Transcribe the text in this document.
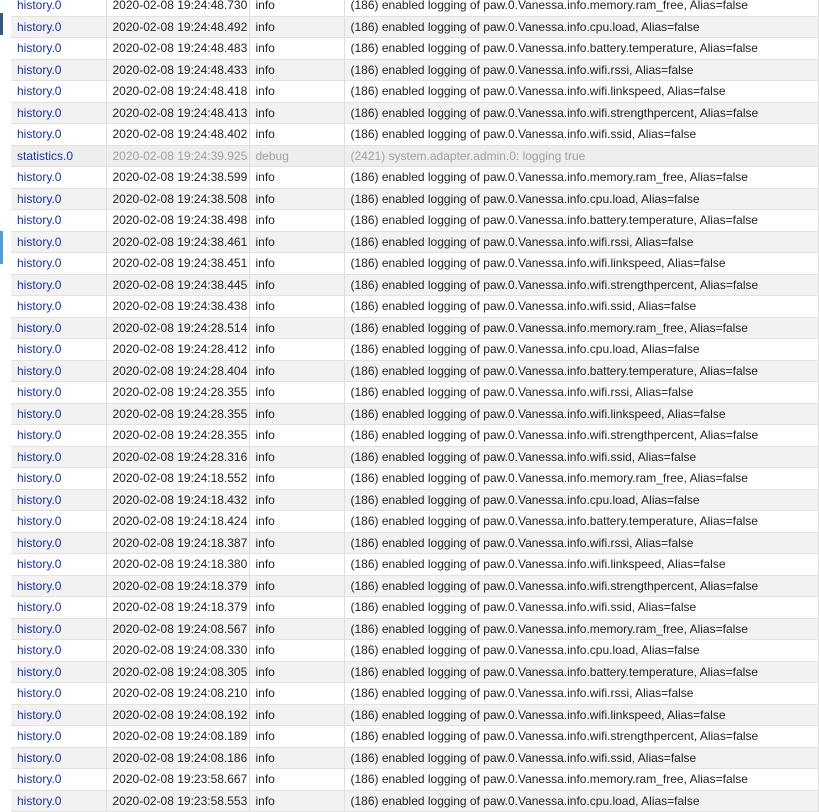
history.0	2020-02-08 19:24:48.730	info	(186) enabled logging of paw.0.Vanessa.info.memory.ram_free, Alias=false
history.0	2020-02-08 19:24:48.492	info	(186) enabled logging of paw.0.Vanessa.info.cpu.load, Alias=false
history.0	2020-02-08 19:24:48.483	info	(186) enabled logging of paw.0.Vanessa.info.battery.temperature, Alias=false
history.0	2020-02-08 19:24:48.433	info	(186) enabled logging of paw.0.Vanessa.info.wifi.rssi, Alias=false
history.0	2020-02-08 19:24:48.418	info	(186) enabled logging of paw.0.Vanessa.info.wifi.linkspeed, Alias=false
history.0	2020-02-08 19:24:48.413	info	(186) enabled logging of paw.0.Vanessa.info.wifi.strengthpercent, Alias=false
history.0	2020-02-08 19:24:48.402	info	(186) enabled logging of paw.0.Vanessa.info.wifi.ssid, Alias=false
statistics.0	2020-02-08 19:24:39.925	debug	(2421) system.adapter.admin.0: logging true
history.0	2020-02-08 19:24:38.599	info	(186) enabled logging of paw.0.Vanessa.info.memory.ram_free, Alias=false
history.0	2020-02-08 19:24:38.508	info	(186) enabled logging of paw.0.Vanessa.info.cpu.load, Alias=false
history.0	2020-02-08 19:24:38.498	info	(186) enabled logging of paw.0.Vanessa.info.battery.temperature, Alias=false
history.0	2020-02-08 19:24:38.461	info	(186) enabled logging of paw.0.Vanessa.info.wifi.rssi, Alias=false
history.0	2020-02-08 19:24:38.451	info	(186) enabled logging of paw.0.Vanessa.info.wifi.linkspeed, Alias=false
history.0	2020-02-08 19:24:38.445	info	(186) enabled logging of paw.0.Vanessa.info.wifi.strengthpercent, Alias=false
history.0	2020-02-08 19:24:38.438	info	(186) enabled logging of paw.0.Vanessa.info.wifi.ssid, Alias=false
history.0	2020-02-08 19:24:28.514	info	(186) enabled logging of paw.0.Vanessa.info.memory.ram_free, Alias=false
history.0	2020-02-08 19:24:28.412	info	(186) enabled logging of paw.0.Vanessa.info.cpu.load, Alias=false
history.0	2020-02-08 19:24:28.404	info	(186) enabled logging of paw.0.Vanessa.info.battery.temperature, Alias=false
history.0	2020-02-08 19:24:28.355	info	(186) enabled logging of paw.0.Vanessa.info.wifi.rssi, Alias=false
history.0	2020-02-08 19:24:28.355	info	(186) enabled logging of paw.0.Vanessa.info.wifi.linkspeed, Alias=false
history.0	2020-02-08 19:24:28.355	info	(186) enabled logging of paw.0.Vanessa.info.wifi.strengthpercent, Alias=false
history.0	2020-02-08 19:24:28.316	info	(186) enabled logging of paw.0.Vanessa.info.wifi.ssid, Alias=false
history.0	2020-02-08 19:24:18.552	info	(186) enabled logging of paw.0.Vanessa.info.memory.ram_free, Alias=false
history.0	2020-02-08 19:24:18.432	info	(186) enabled logging of paw.0.Vanessa.info.cpu.load, Alias=false
history.0	2020-02-08 19:24:18.424	info	(186) enabled logging of paw.0.Vanessa.info.battery.temperature, Alias=false
history.0	2020-02-08 19:24:18.387	info	(186) enabled logging of paw.0.Vanessa.info.wifi.rssi, Alias=false
history.0	2020-02-08 19:24:18.380	info	(186) enabled logging of paw.0.Vanessa.info.wifi.linkspeed, Alias=false
history.0	2020-02-08 19:24:18.379	info	(186) enabled logging of paw.0.Vanessa.info.wifi.strengthpercent, Alias=false
history.0	2020-02-08 19:24:18.379	info	(186) enabled logging of paw.0.Vanessa.info.wifi.ssid, Alias=false
history.0	2020-02-08 19:24:08.567	info	(186) enabled logging of paw.0.Vanessa.info.memory.ram_free, Alias=false
history.0	2020-02-08 19:24:08.330	info	(186) enabled logging of paw.0.Vanessa.info.cpu.load, Alias=false
history.0	2020-02-08 19:24:08.305	info	(186) enabled logging of paw.0.Vanessa.info.battery.temperature, Alias=false
history.0	2020-02-08 19:24:08.210	info	(186) enabled logging of paw.0.Vanessa.info.wifi.rssi, Alias=false
history.0	2020-02-08 19:24:08.192	info	(186) enabled logging of paw.0.Vanessa.info.wifi.linkspeed, Alias=false
history.0	2020-02-08 19:24:08.189	info	(186) enabled logging of paw.0.Vanessa.info.wifi.strengthpercent, Alias=false
history.0	2020-02-08 19:24:08.186	info	(186) enabled logging of paw.0.Vanessa.info.wifi.ssid, Alias=false
history.0	2020-02-08 19:23:58.667	info	(186) enabled logging of paw.0.Vanessa.info.memory.ram_free, Alias=false
history.0	2020-02-08 19:23:58.553	info	(186) enabled logging of paw.0.Vanessa.info.cpu.load, Alias=false
